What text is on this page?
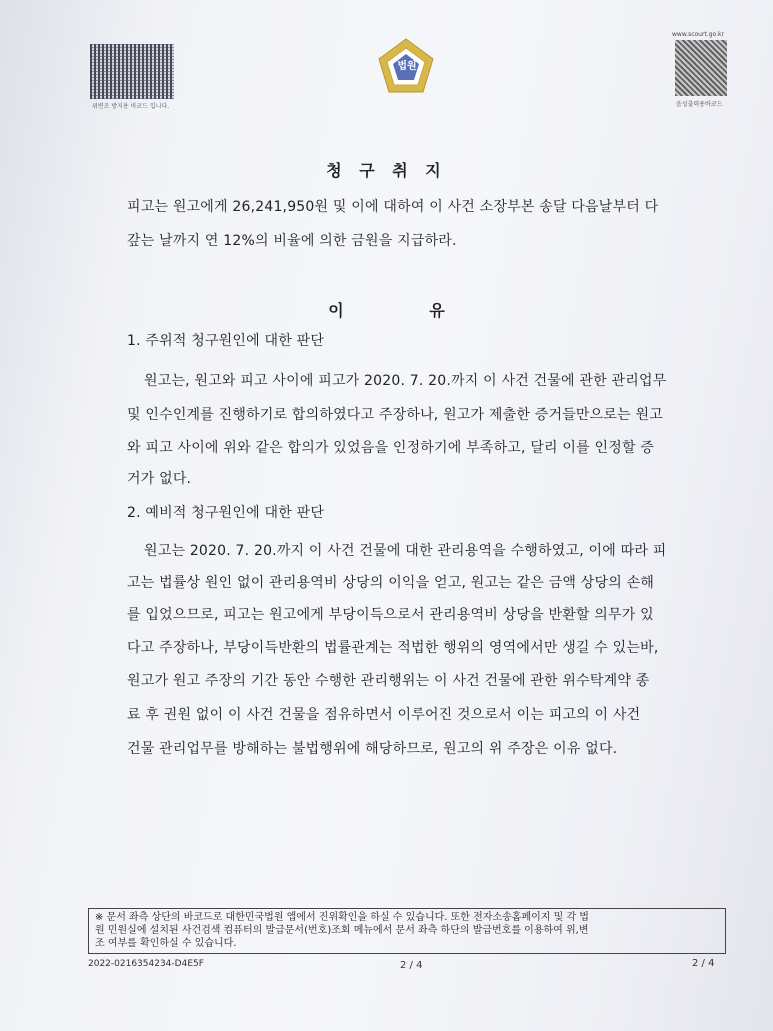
위변조 방지용 바코드 입니다.
법원
www.scourt.go.kr
음성출력용바코드
청 구 취 지
피고는 원고에게 26,241,950원 및 이에 대하여 이 사건 소장부본 송달 다음날부터 다
갚는 날까지 연 12%의 비율에 의한 금원을 지급하라.
이 유
1. 주위적 청구원인에 대한 판단
원고는, 원고와 피고 사이에 피고가 2020. 7. 20.까지 이 사건 건물에 관한 관리업무
및 인수인계를 진행하기로 합의하였다고 주장하나, 원고가 제출한 증거들만으로는 원고
와 피고 사이에 위와 같은 합의가 있었음을 인정하기에 부족하고, 달리 이를 인정할 증
거가 없다.
2. 예비적 청구원인에 대한 판단
원고는 2020. 7. 20.까지 이 사건 건물에 대한 관리용역을 수행하였고, 이에 따라 피
고는 법률상 원인 없이 관리용역비 상당의 이익을 얻고, 원고는 같은 금액 상당의 손해
를 입었으므로, 피고는 원고에게 부당이득으로서 관리용역비 상당을 반환할 의무가 있
다고 주장하나, 부당이득반환의 법률관계는 적법한 행위의 영역에서만 생길 수 있는바,
원고가 원고 주장의 기간 동안 수행한 관리행위는 이 사건 건물에 관한 위수탁계약 종
료 후 권원 없이 이 사건 건물을 점유하면서 이루어진 것으로서 이는 피고의 이 사건
건물 관리업무를 방해하는 불법행위에 해당하므로, 원고의 위 주장은 이유 없다.
※ 문서 좌측 상단의 바코드로 대한민국법원 앱에서 진위확인을 하실 수 있습니다. 또한 전자소송홈페이지 및 각 법
원 민원실에 설치된 사건검색 컴퓨터의 발급문서(번호)조회 메뉴에서 문서 좌측 하단의 발급번호를 이용하여 위,변
조 여부를 확인하실 수 있습니다.
2022-0216354234-D4E5F	2 / 4	2 / 4
